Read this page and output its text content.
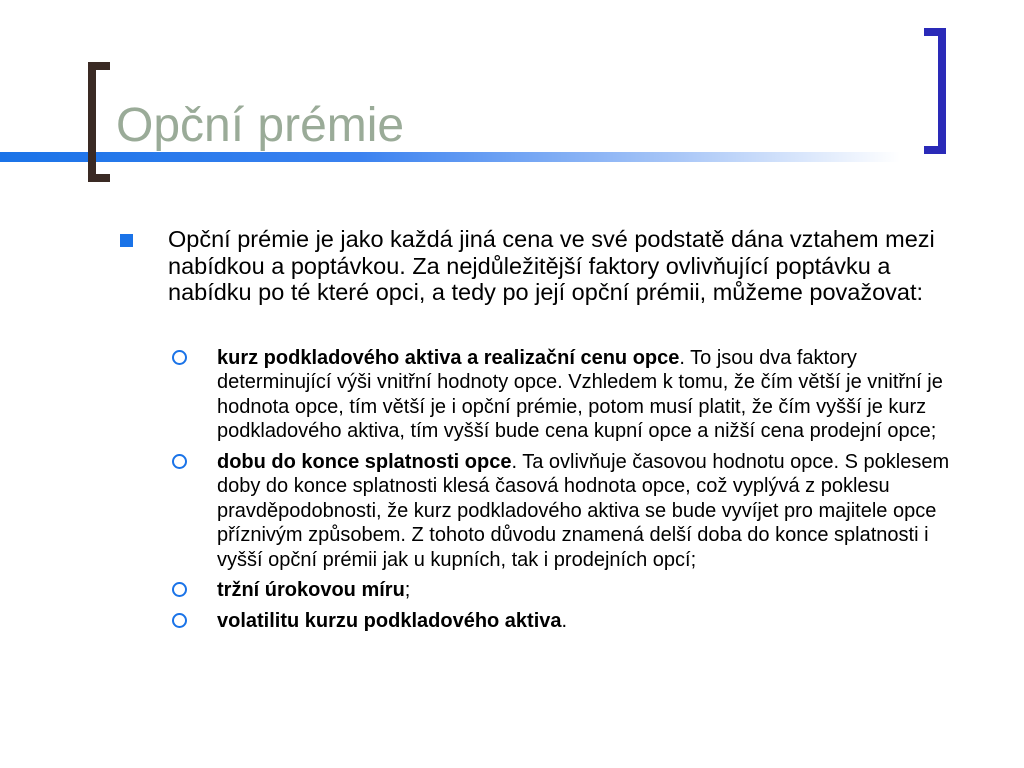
Opční prémie
Opční prémie je jako každá jiná cena ve své podstatě dána vztahem mezi nabídkou a poptávkou. Za nejdůležitější faktory ovlivňující poptávku a nabídku po té které opci, a tedy po její opční prémii, můžeme považovat:
kurz podkladového aktiva a realizační cenu opce. To jsou dva faktory determinující výši vnitřní hodnoty opce. Vzhledem k tomu, že čím větší je vnitřní je hodnota opce, tím větší je i opční prémie, potom musí platit, že čím vyšší je kurz podkladového aktiva, tím vyšší bude cena kupní opce a nižší cena prodejní opce;
dobu do konce splatnosti opce. Ta ovlivňuje časovou hodnotu opce. S poklesem doby do konce splatnosti klesá časová hodnota opce, což vyplývá z poklesu pravděpodobnosti, že kurz podkladového aktiva se bude vyvíjet pro majitele opce příznivým způsobem. Z tohoto důvodu znamená delší doba do konce splatnosti i vyšší opční prémii jak u kupních, tak i prodejních opcí;
tržní úrokovou míru;
volatilitu kurzu podkladového aktiva.
